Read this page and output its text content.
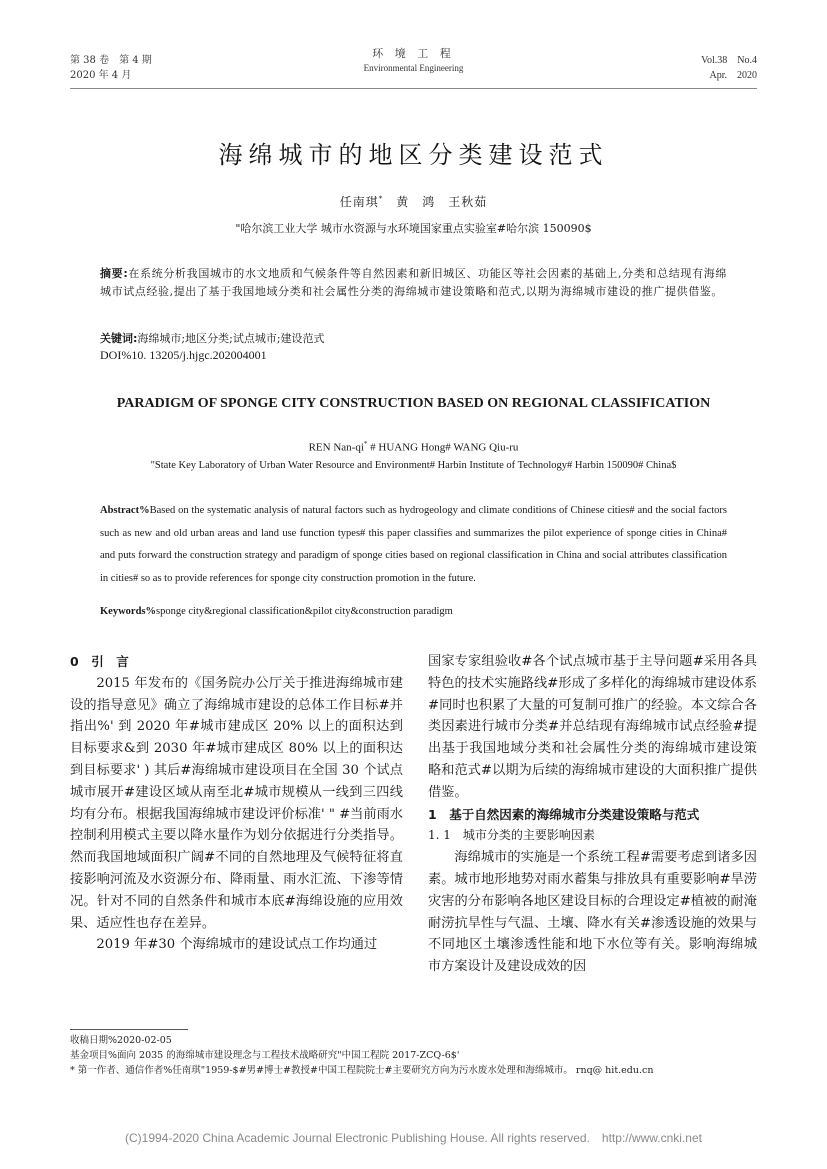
第 38 卷　第 4 期
2020 年 4 月
环 境 工 程
Environmental Engineering
Vol.38　No.4
Apr.　2020
海绵城市的地区分类建设范式
任南琪*　黄　鸿　王秋茹
"哈尔滨工业大学 城市水资源与水环境国家重点实验室#哈尔滨 150090$
摘要:在系统分析我国城市的水文地质和气候条件等自然因素和新旧城区、功能区等社会因素的基础上,分类和总结现有海绵城市试点经验,提出了基于我国地域分类和社会属性分类的海绵城市建设策略和范式,以期为海绵城市建设的推广提供借鉴。
关键词:海绵城市;地区分类;试点城市;建设范式
DOI%10. 13205/j.hjgc.202004001
PARADIGM OF SPONGE CITY CONSTRUCTION BASED ON REGIONAL CLASSIFICATION
REN Nan-qi* # HUANG Hong# WANG Qiu-ru
"State Key Laboratory of Urban Water Resource and Environment# Harbin Institute of Technology# Harbin 150090# China$
Abstract%Based on the systematic analysis of natural factors such as hydrogeology and climate conditions of Chinese cities# and the social factors such as new and old urban areas and land use function types# this paper classifies and summarizes the pilot experience of sponge cities in China# and puts forward the construction strategy and paradigm of sponge cities based on regional classification in China and social attributes classification in cities# so as to provide references for sponge city construction promotion in the future.
Keywords%sponge city&regional classification&pilot city&construction paradigm
0　引　言
2015 年发布的《国务院办公厅关于推进海绵城市建设的指导意见》确立了海绵城市建设的总体工作目标#并指出%' 到 2020 年#城市建成区 20% 以上的面积达到目标要求&到 2030 年#城市建成区 80% 以上的面积达到目标要求' ) 其后#海绵城市建设项目在全国 30 个试点城市展开#建设区域从南至北#城市规模从一线到三四线均有分布。根据我国海绵城市建设评价标准' " #当前雨水控制利用模式主要以降水量作为划分依据进行分类指导。然而我国地域面积广阔#不同的自然地理及气候特征将直接影响河流及水资源分布、降雨量、雨水汇流、下渗等情况。针对不同的自然条件和城市本底#海绵设施的应用效果、适应性也存在差异。
2019 年#30 个海绵城市的建设试点工作均通过
国家专家组验收#各个试点城市基于主导问题#采用各具特色的技术实施路线#形成了多样化的海绵城市建设体系#同时也积累了大量的可复制可推广的经验。本文综合各类因素进行城市分类#并总结现有海绵城市试点经验#提出基于我国地域分类和社会属性分类的海绵城市建设策略和范式#以期为后续的海绵城市建设的大面积推广提供借鉴。
1　基于自然因素的海绵城市分类建设策略与范式
1. 1　城市分类的主要影响因素
海绵城市的实施是一个系统工程#需要考虑到诸多因素。城市地形地势对雨水蓄集与排放具有重要影响#旱涝灾害的分布影响各地区建设目标的合理设定#植被的耐淹耐涝抗旱性与气温、土壤、降水有关#渗透设施的效果与不同地区土壤渗透性能和地下水位等有关。影响海绵城市方案设计及建设成效的因
收稿日期%2020-02-05
基金项目%面向 2035 的海绵城市建设理念与工程技术战略研究"中国工程院 2017-ZCQ-6$'
* 第一作者、通信作者%任南琪"1959-$#男#博士#教授#中国工程院院士#主要研究方向为污水废水处理和海绵城市。 rnq@ hit.edu.cn
(C)1994-2020 China Academic Journal Electronic Publishing House. All rights reserved.　http://www.cnki.net
